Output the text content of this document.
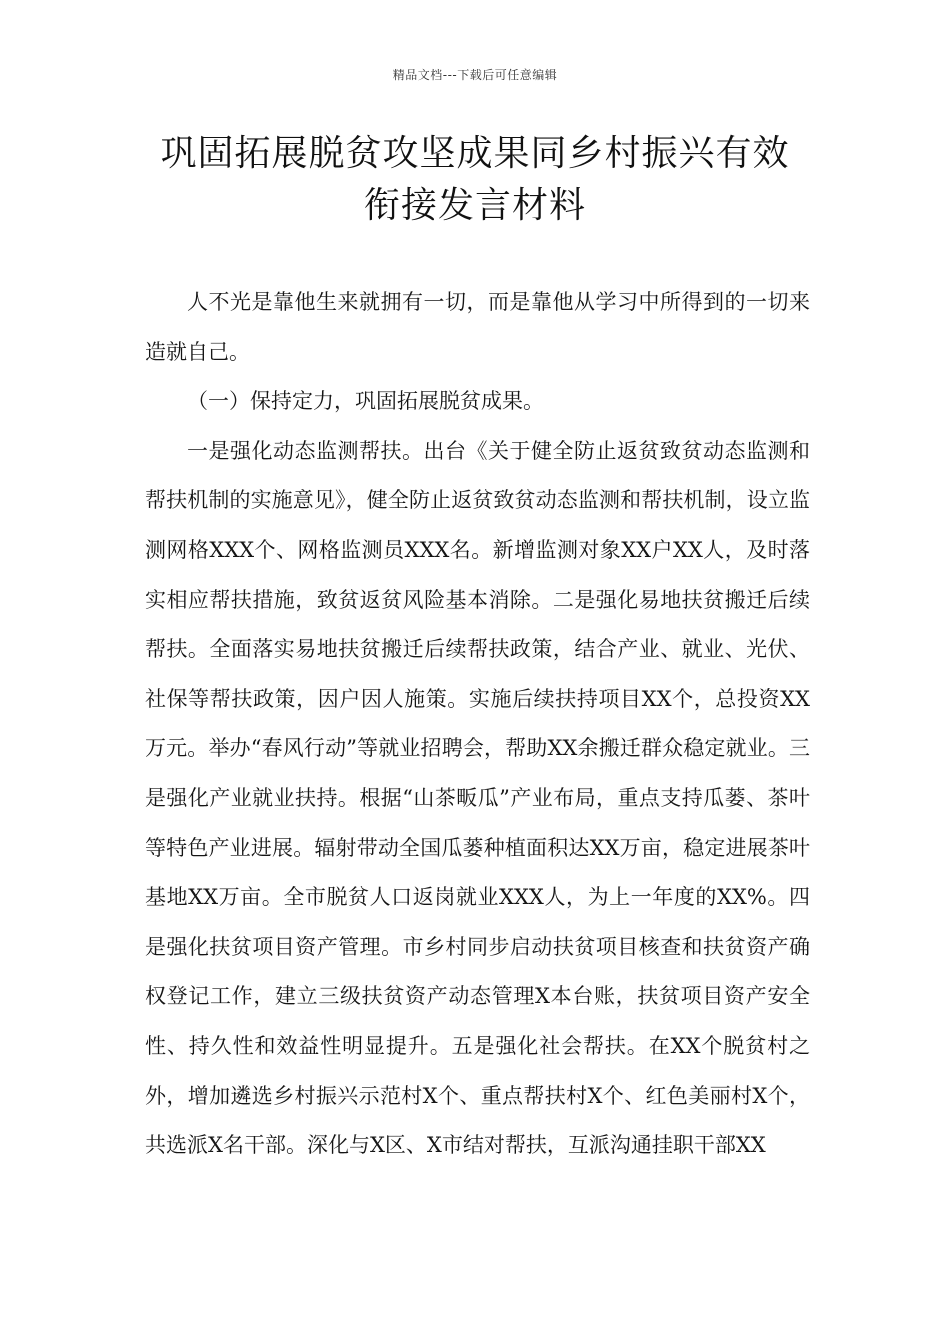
精品文档---下载后可任意编辑
巩固拓展脱贫攻坚成果同乡村振兴有效
衔接发言材料

人不光是靠他生来就拥有一切，而是靠他从学习中所得到的一切来造就自己。

（一）保持定力，巩固拓展脱贫成果。

一是强化动态监测帮扶。出台《关于健全防止返贫致贫动态监测和帮扶机制的实施意见》，健全防止返贫致贫动态监测和帮扶机制，设立监测网格XXX个、网格监测员XXX名。新增监测对象XX户XX人，及时落实相应帮扶措施，致贫返贫风险基本消除。二是强化易地扶贫搬迁后续帮扶。全面落实易地扶贫搬迁后续帮扶政策，结合产业、就业、光伏、社保等帮扶政策，因户因人施策。实施后续扶持项目XX个，总投资XX万元。举办“春风行动”等就业招聘会，帮助XX余搬迁群众稳定就业。三是强化产业就业扶持。根据“山茶畈瓜”产业布局，重点支持瓜蒌、茶叶等特色产业进展。辐射带动全国瓜蒌种植面积达XX万亩，稳定进展茶叶基地XX万亩。全市脱贫人口返岗就业XXX人，为上一年度的XX%。四是强化扶贫项目资产管理。市乡村同步启动扶贫项目核查和扶贫资产确权登记工作，建立三级扶贫资产动态管理X本台账，扶贫项目资产安全性、持久性和效益性明显提升。五是强化社会帮扶。在XX个脱贫村之外，增加遴选乡村振兴示范村X个、重点帮扶村X个、红色美丽村X个，共选派X名干部。深化与X区、X市结对帮扶，互派沟通挂职干部XX
